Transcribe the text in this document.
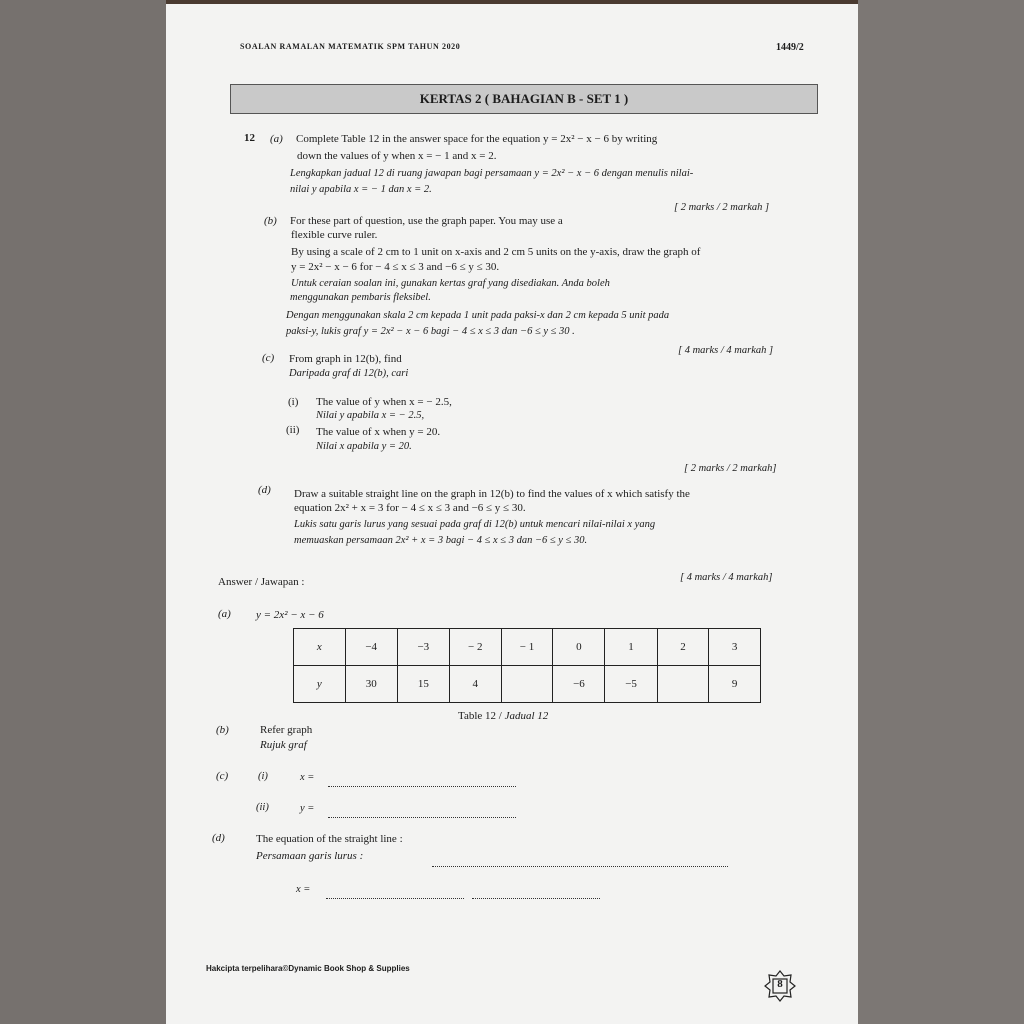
SOALAN RAMALAN MATEMATIK SPM TAHUN 2020	1449/2
KERTAS 2 ( BAHAGIAN B - SET 1 )
12 (a) Complete Table 12 in the answer space for the equation y = 2x² − x − 6 by writing
down the values of y when x = − 1 and x = 2.
Lengkapkan jadual 12 di ruang jawapan bagi persamaan y = 2x² − x − 6 dengan menulis nilai-
nilai y apabila x = − 1 dan x = 2.
[ 2 marks / 2 markah ]
(b) For these part of question, use the graph paper. You may use a
flexible curve ruler.
By using a scale of 2 cm to 1 unit on x-axis and 2 cm 5 units on the y-axis, draw the graph of
y = 2x² − x − 6 for − 4 ≤ x ≤ 3 and −6 ≤ y ≤ 30.
Untuk ceraian soalan ini, gunakan kertas graf yang disediakan. Anda boleh
menggunakan pembaris fleksibel.
Dengan menggunakan skala 2 cm kepada 1 unit pada paksi-x dan 2 cm kepada 5 unit pada
paksi-y, lukis graf y = 2x² − x − 6 bagi − 4 ≤ x ≤ 3 dan −6 ≤ y ≤ 30 .
[ 4 marks / 4 markah ]
(c) From graph in 12(b), find
Daripada graf di 12(b), cari
(i) The value of y when x = − 2.5,
Nilai y apabila x = − 2.5,
(ii) The value of x when y = 20.
Nilai x apabila y = 20.
[ 2 marks / 2 markah]
(d) Draw a suitable straight line on the graph in 12(b) to find the values of x which satisfy the
equation 2x² + x = 3 for − 4 ≤ x ≤ 3 and −6 ≤ y ≤ 30.
Lukis satu garis lurus yang sesuai pada graf di 12(b) untuk mencari nilai-nilai x yang
memuaskan persamaan 2x² + x = 3 bagi − 4 ≤ x ≤ 3 dan −6 ≤ y ≤ 30.
Answer / Jawapan :	[ 4 marks / 4 markah]
(a) y = 2x² − x − 6
x	−4	−3	− 2	− 1	0	1	2	3
y	30	15	4		−6	−5		9
Table 12 / Jadual 12
(b)	Refer graph
Rujuk graf
(c)	(i)	x =
(ii)	y =
(d)	The equation of the straight line :
Persamaan garis lurus :
x =
Hakcipta terpelihara©Dynamic Book Shop & Supplies
8
